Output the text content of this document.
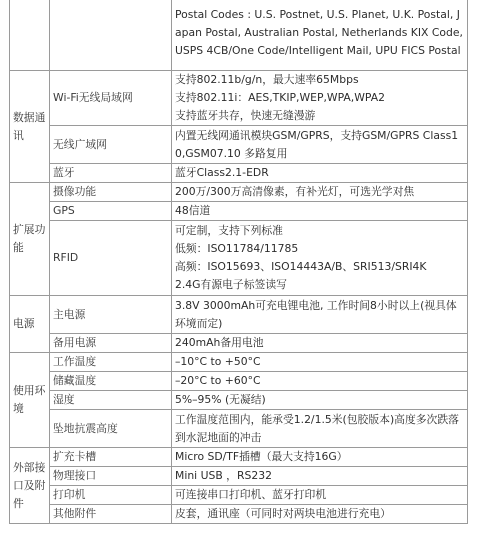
		Postal Codes : U.S. Postnet, U.S. Planet, U.K. Postal, Japan Postal, Australian Postal, Netherlands KIX Code, USPS 4CB/One Code/Intelligent Mail, UPU FICS Postal
数据通讯	Wi-Fi无线局域网	支持802.11b/g/n，最大速率65Mbps
支持802.11i：AES,TKIP,WEP,WPA,WPA2
支持蓝牙共存，快速无缝漫游

	无线广域网	内置无线网通讯模块GSM/GPRS，支持GSM/GPRS Class10,GSM07.10 多路复用
	蓝牙	蓝牙Class2.1-EDR
扩展功能	摄像功能	200万/300万高清像素，有补光灯，可选光学对焦
	GPS	48信道
	RFID	可定制，支持下列标准
低频：ISO11784/11785
高频：ISO15693、ISO14443A/B、SRI513/SRI4K
2.4G有源电子标签读写

电源	主电源	3.8V 3000mAh可充电锂电池, 工作时间8小时以上(视具体环境而定)
	备用电源	240mAh备用电池
使用环境	工作温度	–10°C to +50°C
	储藏温度	–20°C to +60°C
	湿度	5%–95% (无凝结)
	坠地抗震高度	工作温度范围内，能承受1.2/1.5米(包胶版本)高度多次跌落到水泥地面的冲击
外部接口及附件	扩充卡槽	Micro SD/TF插槽（最大支持16G）
	物理接口	Mini USB ，RS232
	打印机	可连接串口打印机、蓝牙打印机
	其他附件	皮套，通讯座（可同时对两块电池进行充电）
